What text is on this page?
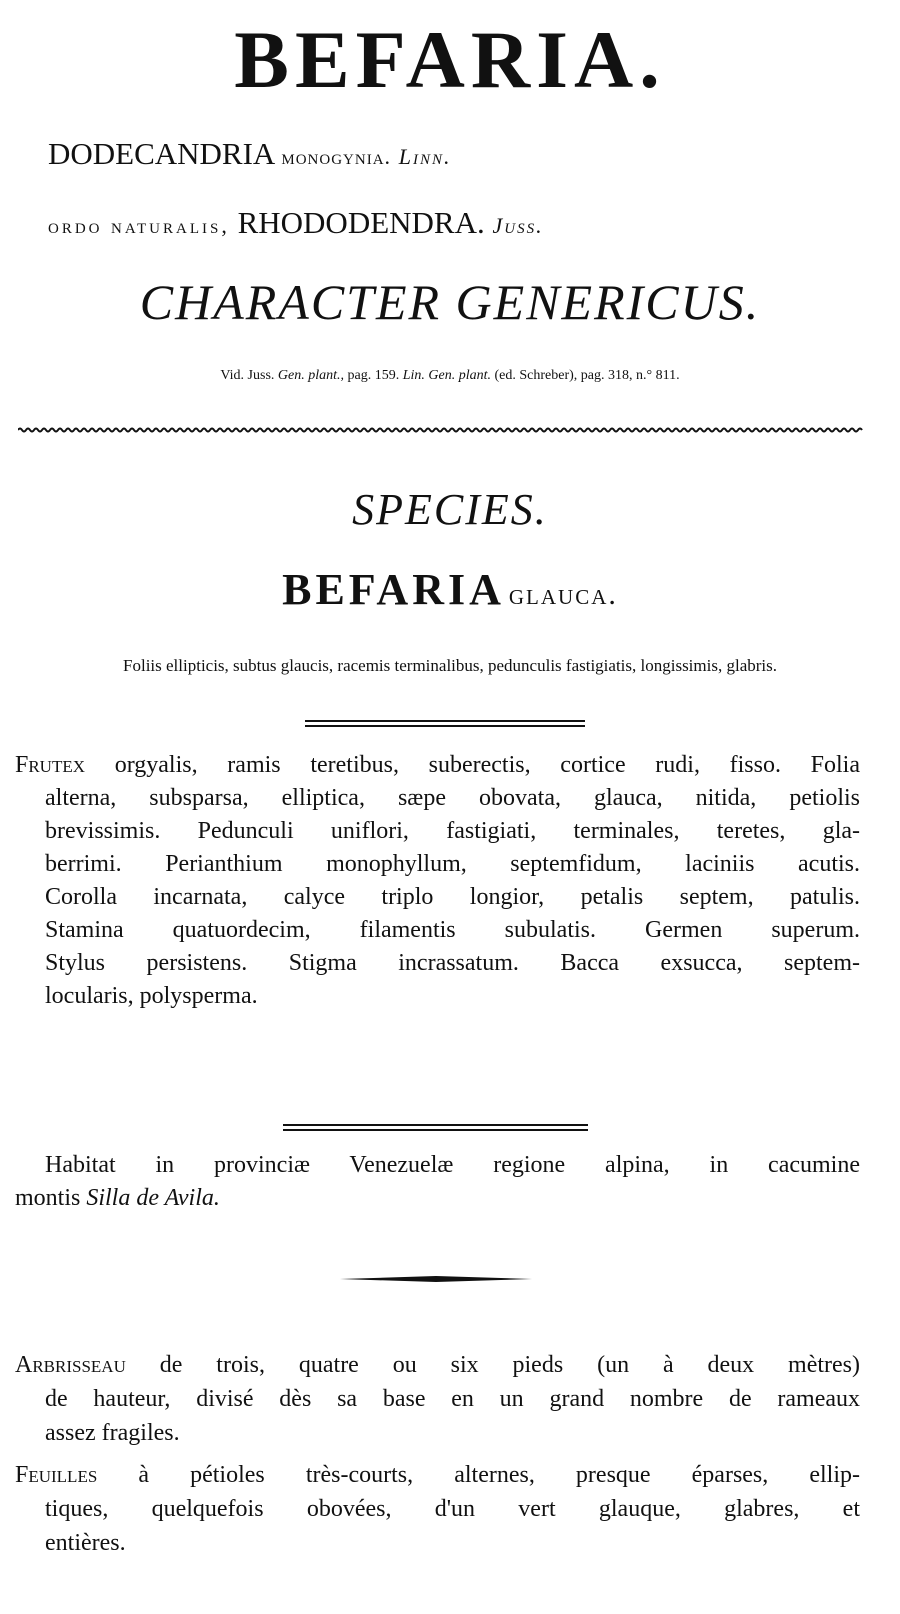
BEFARIA.
DODECANDRIA monogynia. Linn.
ordo naturalis, RHODODENDRA. Juss.
CHARACTER GENERICUS.
Vid. Juss. Gen. plant., pag. 159. Lin. Gen. plant. (ed. Schreber), pag. 318, n.° 811.
SPECIES.
BEFARIA glauca.
Foliis ellipticis, subtus glaucis, racemis terminalibus, pedunculis fastigiatis, longissimis, glabris.
Frutex orgyalis, ramis teretibus, suberectis, cortice rudi, fisso. Folia
alterna, subsparsa, elliptica, sæpe obovata, glauca, nitida, petiolis
brevissimis. Pedunculi uniflori, fastigiati, terminales, teretes, gla-
berrimi. Perianthium monophyllum, septemfidum, laciniis acutis.
Corolla incarnata, calyce triplo longior, petalis septem, patulis.
Stamina quatuordecim, filamentis subulatis. Germen superum.
Stylus persistens. Stigma incrassatum. Bacca exsucca, septem-
locularis, polysperma.
Habitat in provinciæ Venezuelæ regione alpina, in cacumine
montis Silla de Avila.
Arbrisseau de trois, quatre ou six pieds (un à deux mètres)
de hauteur, divisé dès sa base en un grand nombre de rameaux
assez fragiles.
Feuilles à pétioles très-courts, alternes, presque éparses, ellip-
tiques, quelquefois obovées, d'un vert glauque, glabres, et
entières.
